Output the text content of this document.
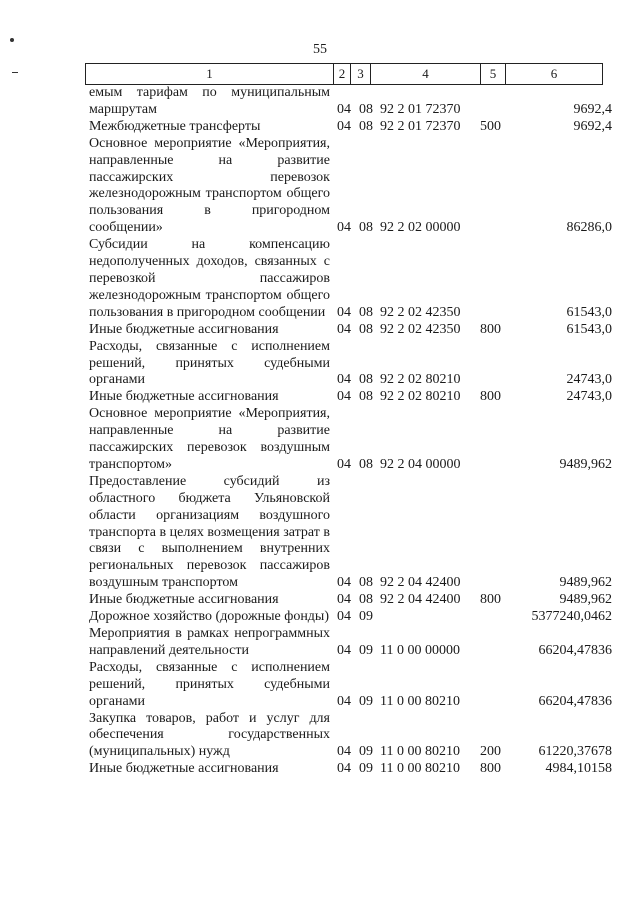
55
1	2 3	4	5	6
емым тарифам по муниципальным маршрутам	04 08 92 2 01 72370	9692,4
Межбюджетные трансферты	04 08 92 2 01 72370 500	9692,4
Основное мероприятие «Мероприятия, направленные на развитие пассажирских перевозок железнодорожным транспортом общего пользования в пригородном сообщении»	04 08 92 2 02 00000	86286,0
Субсидии на компенсацию недополученных доходов, связанных с перевозкой пассажиров железнодорожным транспортом общего пользования в пригородном сообщении 04 08 92 2 02 42350	61543,0
Иные бюджетные ассигнования	04 08 92 2 02 42350 800	61543,0
Расходы, связанные с исполнением решений, принятых судебными органами	04 08 92 2 02 80210	24743,0
Иные бюджетные ассигнования	04 08 92 2 02 80210 800	24743,0
Основное мероприятие «Мероприятия, направленные на развитие пассажирских перевозок воздушным транспортом»	04 08 92 2 04 00000	9489,962
Предоставление субсидий из областного бюджета Ульяновской области организациям воздушного транспорта в целях возмещения затрат в связи с выполнением внутренних региональных перевозок пассажиров воздушным транспортом	04 08 92 2 04 42400	9489,962
Иные бюджетные ассигнования	04 08 92 2 04 42400 800	9489,962
Дорожное хозяйство (дорожные фонды) 04 09	5377240,0462
Мероприятия в рамках непрограммных направлений деятельности	04 09 11 0 00 00000	66204,47836
Расходы, связанные с исполнением решений, принятых судебными органами	04 09 11 0 00 80210	66204,47836
Закупка товаров, работ и услуг для обеспечения государственных (муниципальных) нужд	04 09 11 0 00 80210 200	61220,37678
Иные бюджетные ассигнования	04 09 11 0 00 80210 800	4984,10158
